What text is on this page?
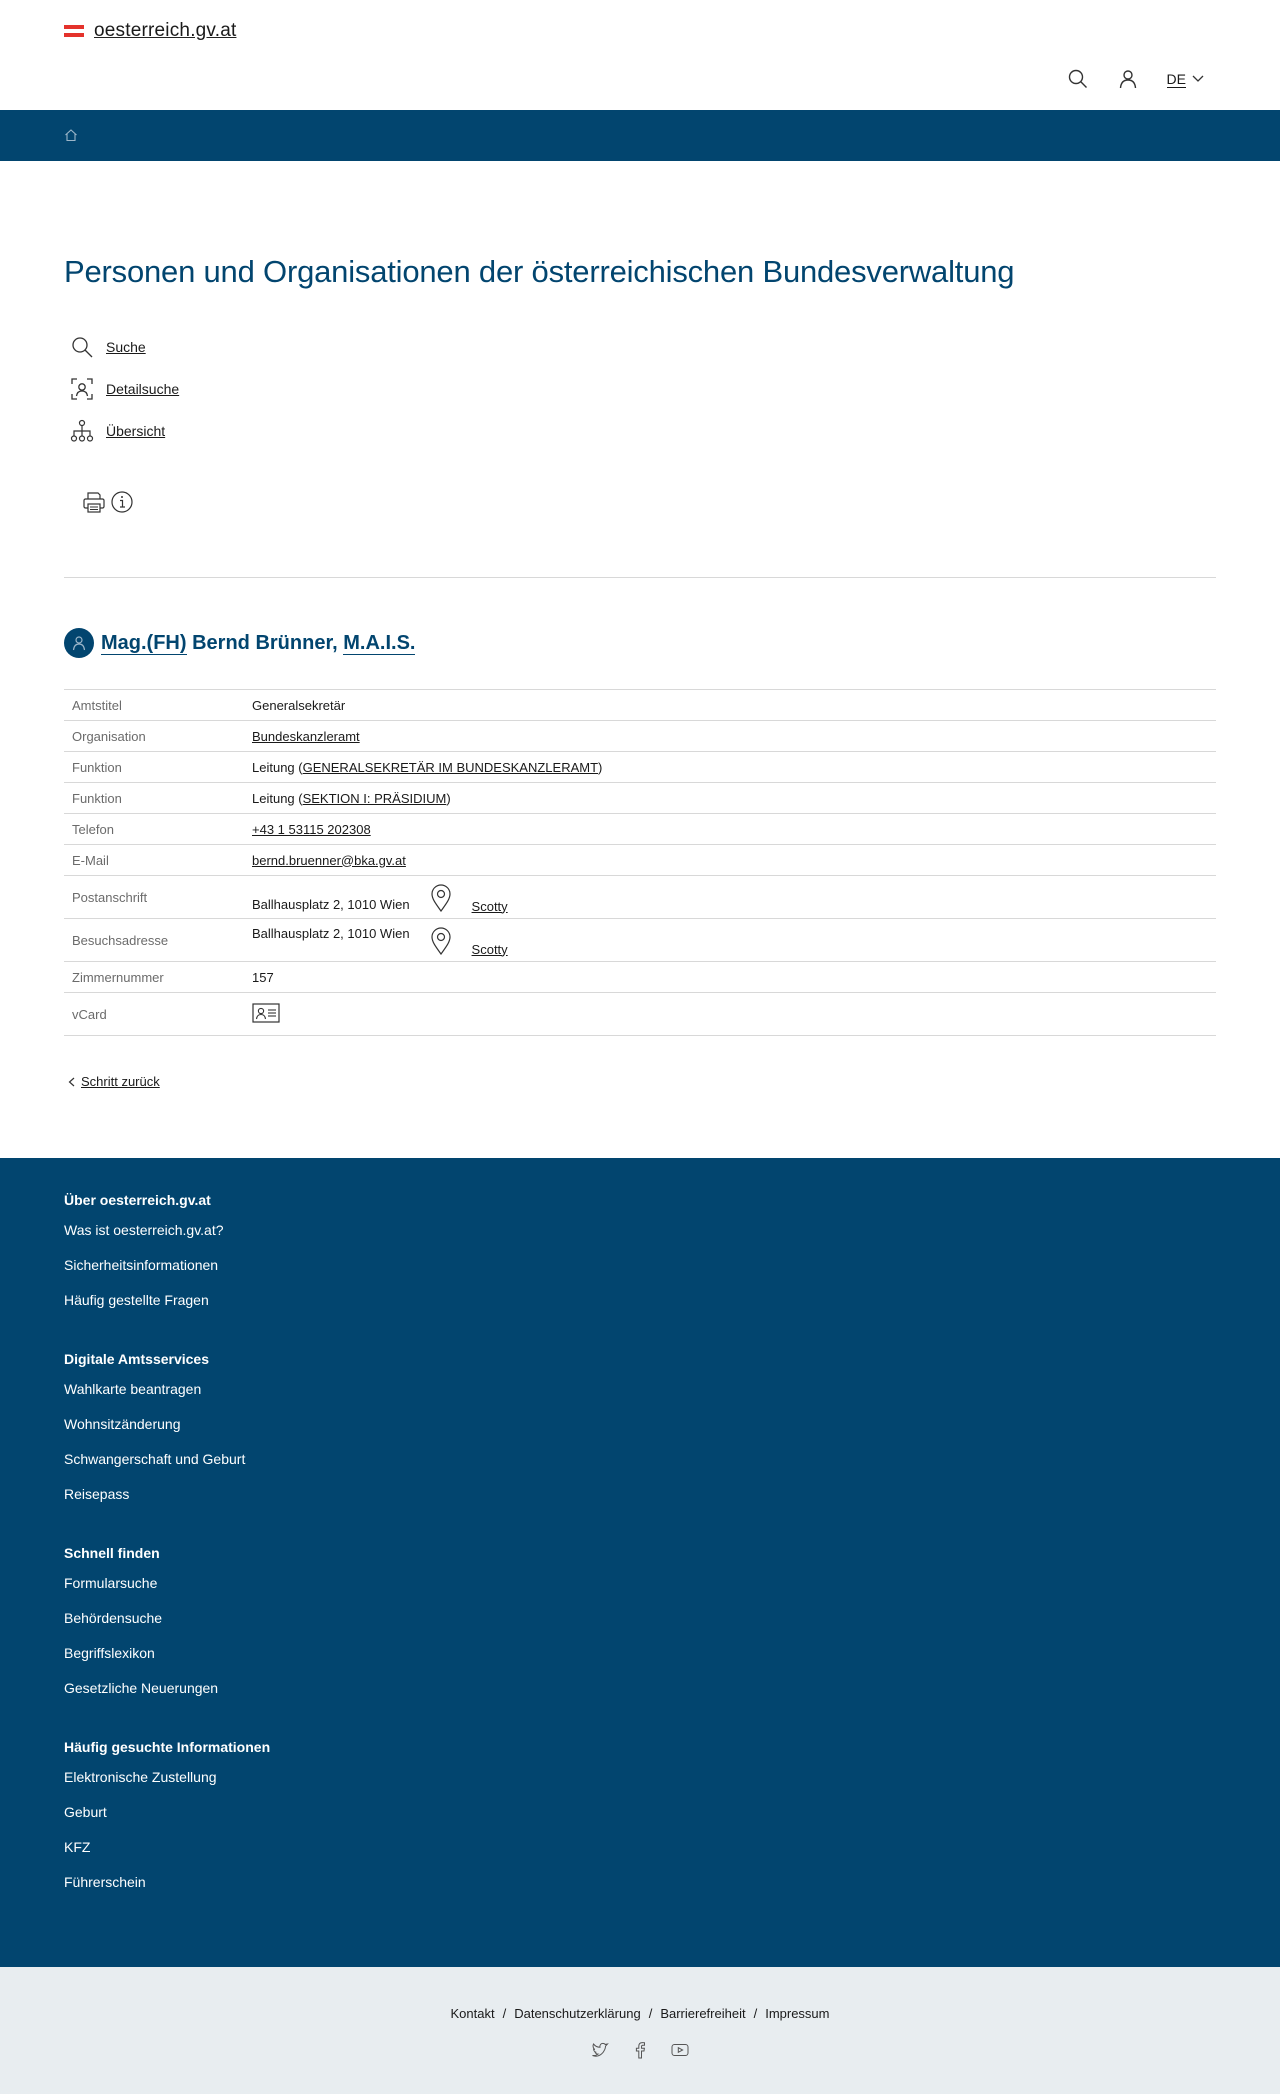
oesterreich.gv.at
DE
Personen und Organisationen der österreichischen Bundesverwaltung
Suche
Detailsuche
Übersicht

Mag.(FH) Bernd Brünner, M.A.I.S.
Amtstitel	Generalsekretär
Organisation	Bundeskanzleramt
Funktion	Leitung (GENERALSEKRETÄR IM BUNDESKANZLERAMT)
Funktion	Leitung (SEKTION I: PRÄSIDIUM)
Telefon	+43 1 53115 202308
E-Mail	bernd.bruenner@bka.gv.at
Postanschrift	Ballhausplatz 2, 1010 Wien Scotty

Besuchsadresse	Ballhausplatz 2, 1010 Wien
Scotty

Zimmernummer	157
vCard	
Schritt zurück
Über oesterreich.gv.at
Was ist oesterreich.gv.at?
Sicherheitsinformationen
Häufig gestellte Fragen
Digitale Amtsservices
Wahlkarte beantragen
Wohnsitzänderung
Schwangerschaft und Geburt
Reisepass
Schnell finden
Formularsuche
Behördensuche
Begriffslexikon
Gesetzliche Neuerungen
Häufig gesuchte Informationen
Elektronische Zustellung
Geburt
KFZ
Führerschein
Kontakt / Datenschutzerklärung / Barrierefreiheit / Impressum
